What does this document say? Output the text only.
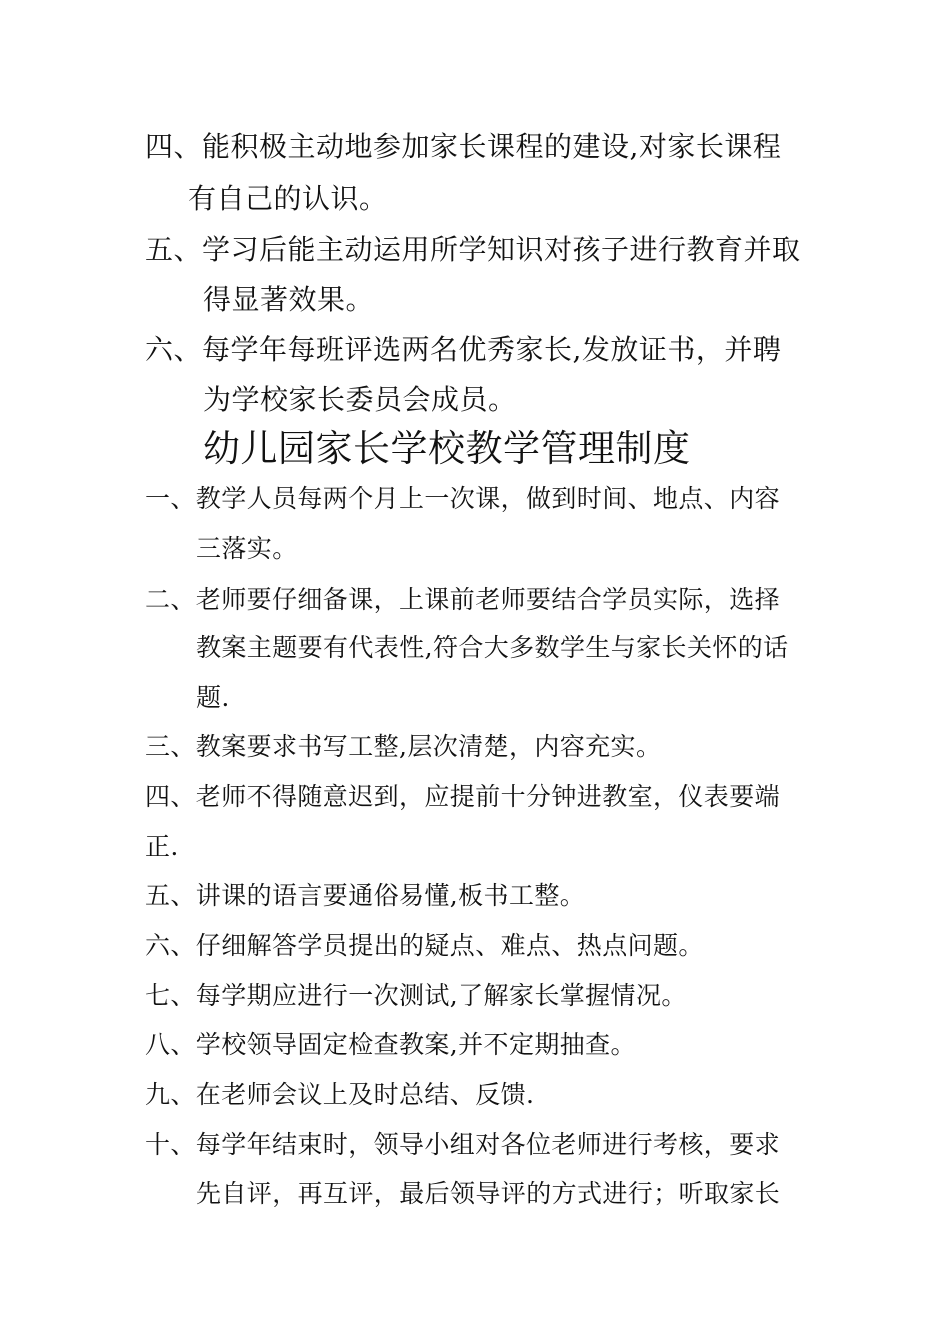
四、能积极主动地参加家长课程的建设,对家长课程
有自己的认识。
五、学习后能主动运用所学知识对孩子进行教育并取
得显著效果。
六、每学年每班评选两名优秀家长,发放证书，并聘
为学校家长委员会成员。
幼儿园家长学校教学管理制度
一、教学人员每两个月上一次课，做到时间、地点、内容
三落实。
二、老师要仔细备课，上课前老师要结合学员实际，选择
教案主题要有代表性,符合大多数学生与家长关怀的话
题.
三、教案要求书写工整,层次清楚，内容充实。
四、老师不得随意迟到，应提前十分钟进教室，仪表要端
正.
五、讲课的语言要通俗易懂,板书工整。
六、仔细解答学员提出的疑点、难点、热点问题。
七、每学期应进行一次测试,了解家长掌握情况。
八、学校领导固定检查教案,并不定期抽查。
九、在老师会议上及时总结、反馈.
十、每学年结束时，领导小组对各位老师进行考核，要求
先自评，再互评，最后领导评的方式进行；听取家长
